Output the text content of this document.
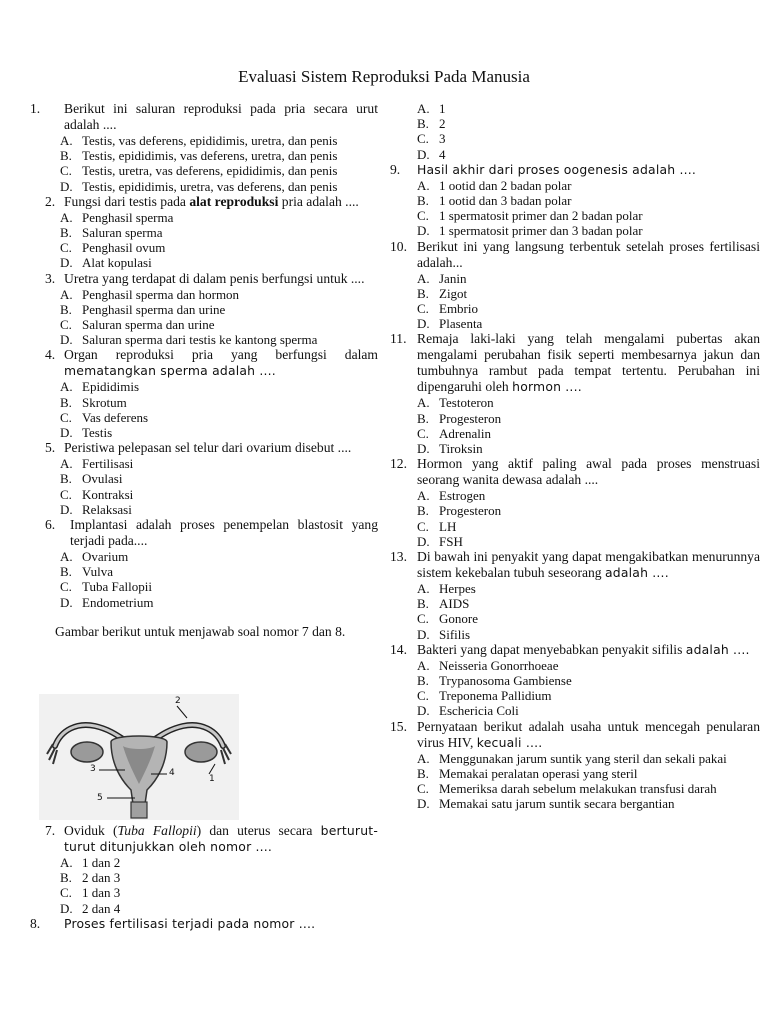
Evaluasi Sistem Reproduksi Pada Manusia
1.	Berikut ini saluran reproduksi pada pria secara urut adalah ....
A. Testis, vas deferens, epididimis, uretra, dan penis
B. Testis, epididimis, vas deferens, uretra, dan penis
C. Testis, uretra, vas deferens, epididimis, dan penis
D. Testis, epididimis, uretra, vas deferens, dan penis
2. Fungsi dari testis pada alat reproduksi pria adalah ....
A. Penghasil sperma
B. Saluran sperma
C. Penghasil ovum
D. Alat kopulasi
3. Uretra yang terdapat di dalam penis berfungsi untuk ....
A. Penghasil sperma dan hormon
B. Penghasil sperma dan urine
C. Saluran sperma dan urine
D. Saluran sperma dari testis ke kantong sperma
4. Organ reproduksi pria yang berfungsi dalam mematangkan sperma adalah ....
A. Epididimis
B. Skrotum
C. Vas deferens
D. Testis
5. Peristiwa pelepasan sel telur dari ovarium disebut ....
A. Fertilisasi
B. Ovulasi
C. Kontraksi
D. Relaksasi
6.	Implantasi adalah proses penempelan blastosit yang terjadi pada....
A. Ovarium
B. Vulva
C. Tuba Fallopii
D. Endometrium
Gambar berikut untuk menjawab soal nomor 7 dan 8.
2
3	4
1
5
7. Oviduk (Tuba Fallopii) dan uterus secara berturut-turut ditunjukkan oleh nomor ....
A. 1 dan 2
B. 2 dan 3
C. 1 dan 3
D. 2 dan 4
8.	Proses fertilisasi terjadi pada nomor ....
A. 1
B. 2
C. 3
D. 4
9.	Hasil akhir dari proses oogenesis adalah ....
A. 1 ootid dan 2 badan polar
B. 1 ootid dan 3 badan polar
C. 1 spermatosit primer dan 2 badan polar
D. 1 spermatosit primer dan 3 badan polar
10. Berikut ini yang langsung terbentuk setelah proses fertilisasi adalah...
A. Janin
B. Zigot
C. Embrio
D. Plasenta
11. Remaja laki-laki yang telah mengalami pubertas akan mengalami perubahan fisik seperti membesarnya jakun dan tumbuhnya rambut pada tempat tertentu. Perubahan ini dipengaruhi oleh hormon ....
A. Testoteron
B. Progesteron
C. Adrenalin
D. Tiroksin
12. Hormon yang aktif paling awal pada proses menstruasi seorang wanita dewasa adalah ....
A. Estrogen
B. Progesteron
C. LH
D. FSH
13. Di bawah ini penyakit yang dapat mengakibatkan menurunnya sistem kekebalan tubuh seseorang adalah ....
A. Herpes
B. AIDS
C. Gonore
D. Sifilis
14. Bakteri yang dapat menyebabkan penyakit sifilis adalah ....
A. Neisseria Gonorrhoeae
B. Trypanosoma Gambiense
C. Treponema Pallidium
D. Eschericia Coli
15. Pernyataan berikut adalah usaha untuk mencegah penularan virus HIV, kecuali ....
A. Menggunakan jarum suntik yang steril dan sekali pakai
B. Memakai peralatan operasi yang steril
C. Memeriksa darah sebelum melakukan transfusi darah
D. Memakai satu jarum suntik secara bergantian
